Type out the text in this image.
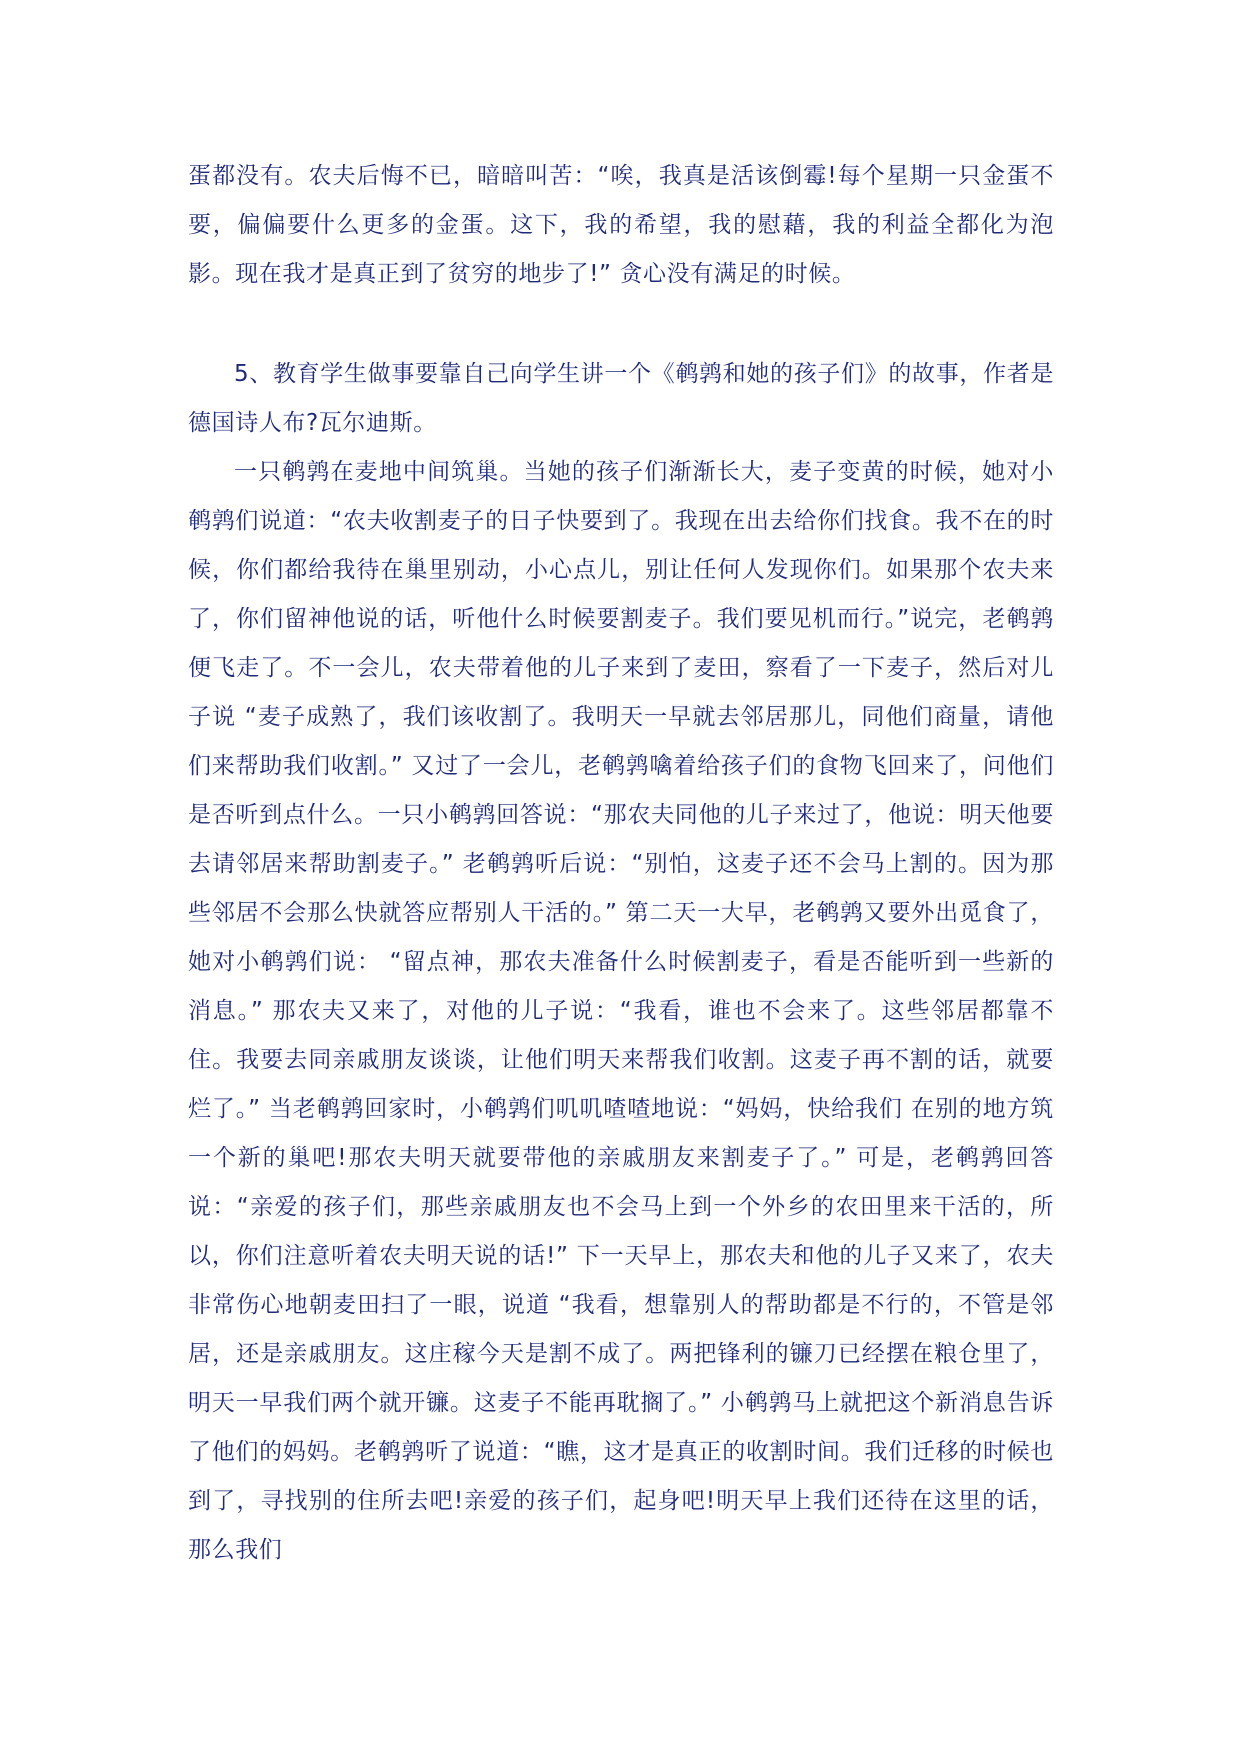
蛋都没有。农夫后悔不已，暗暗叫苦：“唉，我真是活该倒霉!每个星期一只金蛋不要，偏偏要什么更多的金蛋。这下，我的希望，我的慰藉，我的利益全都化为泡影。现在我才是真正到了贫穷的地步了!” 贪心没有满足的时候。

5、教育学生做事要靠自己向学生讲一个《鹌鹑和她的孩子们》的故事，作者是德国诗人布?瓦尔迪斯。

一只鹌鹑在麦地中间筑巢。当她的孩子们渐渐长大，麦子变黄的时候，她对小鹌鹑们说道：“农夫收割麦子的日子快要到了。我现在出去给你们找食。我不在的时候，你们都给我待在巢里别动，小心点儿，别让任何人发现你们。如果那个农夫来了，你们留神他说的话，听他什么时候要割麦子。我们要见机而行。”说完，老鹌鹑便飞走了。不一会儿，农夫带着他的儿子来到了麦田，察看了一下麦子，然后对儿子说 “麦子成熟了，我们该收割了。我明天一早就去邻居那儿，同他们商量，请他们来帮助我们收割。” 又过了一会儿，老鹌鹑噙着给孩子们的食物飞回来了，问他们是否听到点什么。一只小鹌鹑回答说：“那农夫同他的儿子来过了，他说：明天他要去请邻居来帮助割麦子。” 老鹌鹑听后说：“别怕，这麦子还不会马上割的。因为那些邻居不会那么快就答应帮别人干活的。” 第二天一大早，老鹌鹑又要外出觅食了，她对小鹌鹑们说： “留点神，那农夫准备什么时候割麦子，看是否能听到一些新的消息。” 那农夫又来了，对他的儿子说：“我看，谁也不会来了。这些邻居都靠不住。我要去同亲戚朋友谈谈，让他们明天来帮我们收割。这麦子再不割的话，就要烂了。” 当老鹌鹑回家时，小鹌鹑们叽叽喳喳地说：“妈妈，快给我们 在别的地方筑一个新的巢吧!那农夫明天就要带他的亲戚朋友来割麦子了。” 可是，老鹌鹑回答说：“亲爱的孩子们，那些亲戚朋友也不会马上到一个外乡的农田里来干活的，所以，你们注意听着农夫明天说的话!” 下一天早上，那农夫和他的儿子又来了，农夫非常伤心地朝麦田扫了一眼，说道 “我看，想靠别人的帮助都是不行的，不管是邻居，还是亲戚朋友。这庄稼今天是割不成了。两把锋利的镰刀已经摆在粮仓里了，明天一早我们两个就开镰。这麦子不能再耽搁了。” 小鹌鹑马上就把这个新消息告诉了他们的妈妈。老鹌鹑听了说道：“瞧，这才是真正的收割时间。我们迁移的时候也到了，寻找别的住所去吧!亲爱的孩子们，起身吧!明天早上我们还待在这里的话，那么我们
